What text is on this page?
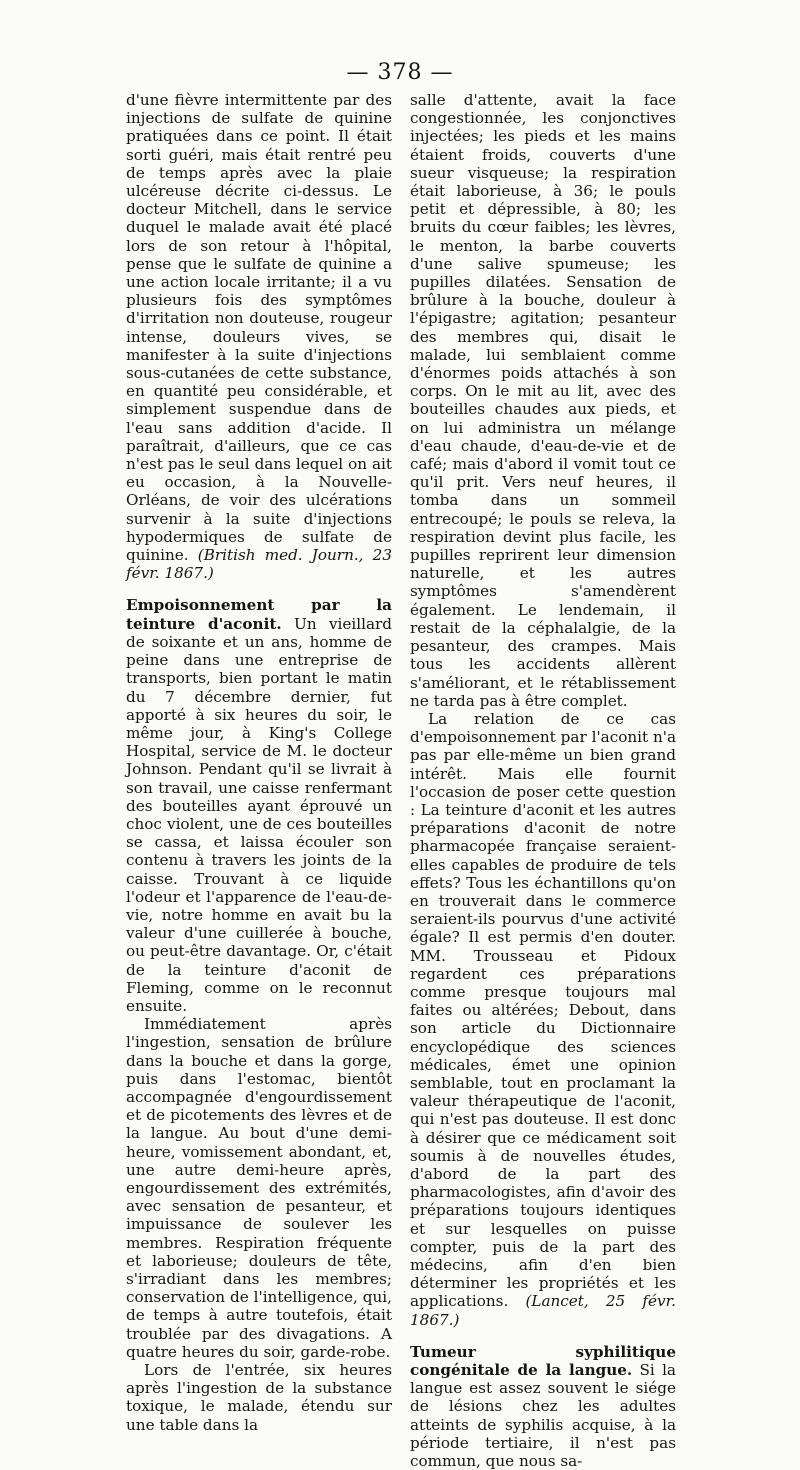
— 378 —

d'une fièvre intermittente par des injections de sulfate de quinine pratiquées dans ce point. Il était sorti guéri, mais était rentré peu de temps après avec la plaie ulcéreuse décrite ci-dessus. Le docteur Mitchell, dans le service duquel le malade avait été placé lors de son retour à l'hôpital, pense que le sulfate de quinine a une action locale irritante; il a vu plusieurs fois des symptômes d'irritation non douteuse, rougeur intense, douleurs vives, se manifester à la suite d'injections sous-cutanées de cette substance, en quantité peu considérable, et simplement suspendue dans de l'eau sans addition d'acide. Il paraîtrait, d'ailleurs, que ce cas n'est pas le seul dans lequel on ait eu occasion, à la Nouvelle-Orléans, de voir des ulcérations survenir à la suite d'injections hypodermiques de sulfate de quinine. (British med. Journ., 23 févr. 1867.)

Empoisonnement par la teinture d'aconit. Un vieillard de soixante et un ans, homme de peine dans une entreprise de transports, bien portant le matin du 7 décembre dernier, fut apporté à six heures du soir, le même jour, à King's College Hospital, service de M. le docteur Johnson. Pendant qu'il se livrait à son travail, une caisse renfermant des bouteilles ayant éprouvé un choc violent, une de ces bouteilles se cassa, et laissa écouler son contenu à travers les joints de la caisse. Trouvant à ce liquide l'odeur et l'apparence de l'eau-de-vie, notre homme en avait bu la valeur d'une cuillerée à bouche, ou peut-être davantage. Or, c'était de la teinture d'aconit de Fleming, comme on le reconnut ensuite.

Immédiatement après l'ingestion, sensation de brûlure dans la bouche et dans la gorge, puis dans l'estomac, bientôt accompagnée d'engourdissement et de picotements des lèvres et de la langue. Au bout d'une demi-heure, vomissement abondant, et, une autre demi-heure après, engourdissement des extrémités, avec sensation de pesanteur, et impuissance de soulever les membres. Respiration fréquente et laborieuse; douleurs de tête, s'irradiant dans les membres; conservation de l'intelligence, qui, de temps à autre toutefois, était troublée par des divagations. A quatre heures du soir, garde-robe.

Lors de l'entrée, six heures après l'ingestion de la substance toxique, le malade, étendu sur une table dans la

salle d'attente, avait la face congestionnée, les conjonctives injectées; les pieds et les mains étaient froids, couverts d'une sueur visqueuse; la respiration était laborieuse, à 36; le pouls petit et dépressible, à 80; les bruits du cœur faibles; les lèvres, le menton, la barbe couverts d'une salive spumeuse; les pupilles dilatées. Sensation de brûlure à la bouche, douleur à l'épigastre; agitation; pesanteur des membres qui, disait le malade, lui semblaient comme d'énormes poids attachés à son corps. On le mit au lit, avec des bouteilles chaudes aux pieds, et on lui administra un mélange d'eau chaude, d'eau-de-vie et de café; mais d'abord il vomit tout ce qu'il prit. Vers neuf heures, il tomba dans un sommeil entrecoupé; le pouls se releva, la respiration devint plus facile, les pupilles reprirent leur dimension naturelle, et les autres symptômes s'amendèrent également. Le lendemain, il restait de la céphalalgie, de la pesanteur, des crampes. Mais tous les accidents allèrent s'améliorant, et le rétablissement ne tarda pas à être complet.

La relation de ce cas d'empoisonnement par l'aconit n'a pas par elle-même un bien grand intérêt. Mais elle fournit l'occasion de poser cette question : La teinture d'aconit et les autres préparations d'aconit de notre pharmacopée française seraient-elles capables de produire de tels effets? Tous les échantillons qu'on en trouverait dans le commerce seraient-ils pourvus d'une activité égale? Il est permis d'en douter. MM. Trousseau et Pidoux regardent ces préparations comme presque toujours mal faites ou altérées; Debout, dans son article du Dictionnaire encyclopédique des sciences médicales, émet une opinion semblable, tout en proclamant la valeur thérapeutique de l'aconit, qui n'est pas douteuse. Il est donc à désirer que ce médicament soit soumis à de nouvelles études, d'abord de la part des pharmacologistes, afin d'avoir des préparations toujours identiques et sur lesquelles on puisse compter, puis de la part des médecins, afin d'en bien déterminer les propriétés et les applications. (Lancet, 25 févr. 1867.)

Tumeur syphilitique congénitale de la langue. Si la langue est assez souvent le siége de lésions chez les adultes atteints de syphilis acquise, à la période tertiaire, il n'est pas commun, que nous sa-
